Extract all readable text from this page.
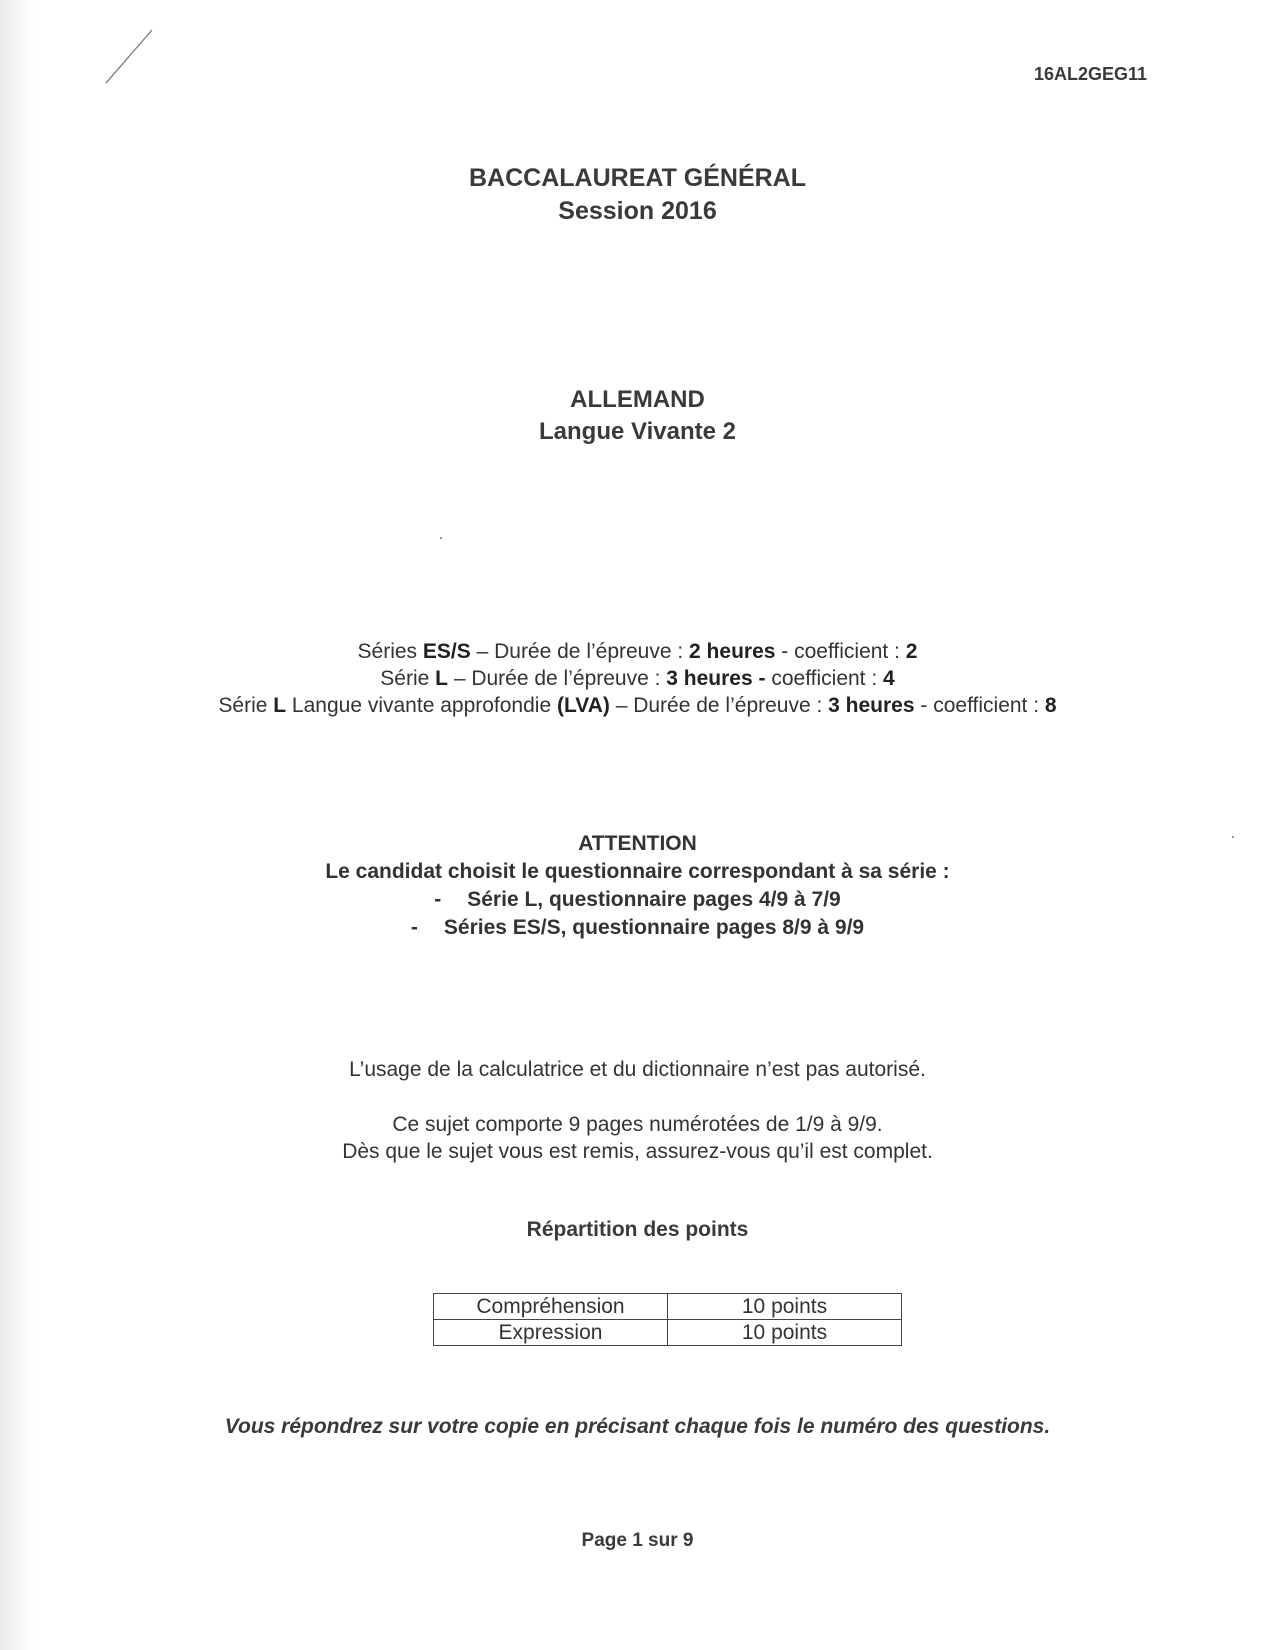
16AL2GEG11
BACCALAUREAT GÉNÉRAL
Session 2016
ALLEMAND
Langue Vivante 2
Séries ES/S – Durée de l’épreuve : 2 heures - coefficient : 2
Série L – Durée de l’épreuve : 3 heures - coefficient : 4
Série L Langue vivante approfondie (LVA) – Durée de l’épreuve : 3 heures - coefficient : 8
ATTENTION
Le candidat choisit le questionnaire correspondant à sa série :
- Série L, questionnaire pages 4/9 à 7/9
- Séries ES/S, questionnaire pages 8/9 à 9/9
L’usage de la calculatrice et du dictionnaire n’est pas autorisé.
Ce sujet comporte 9 pages numérotées de 1/9 à 9/9.
Dès que le sujet vous est remis, assurez-vous qu’il est complet.
Répartition des points
Compréhension	10 points
Expression	10 points
Vous répondrez sur votre copie en précisant chaque fois le numéro des questions.
Page 1 sur 9
